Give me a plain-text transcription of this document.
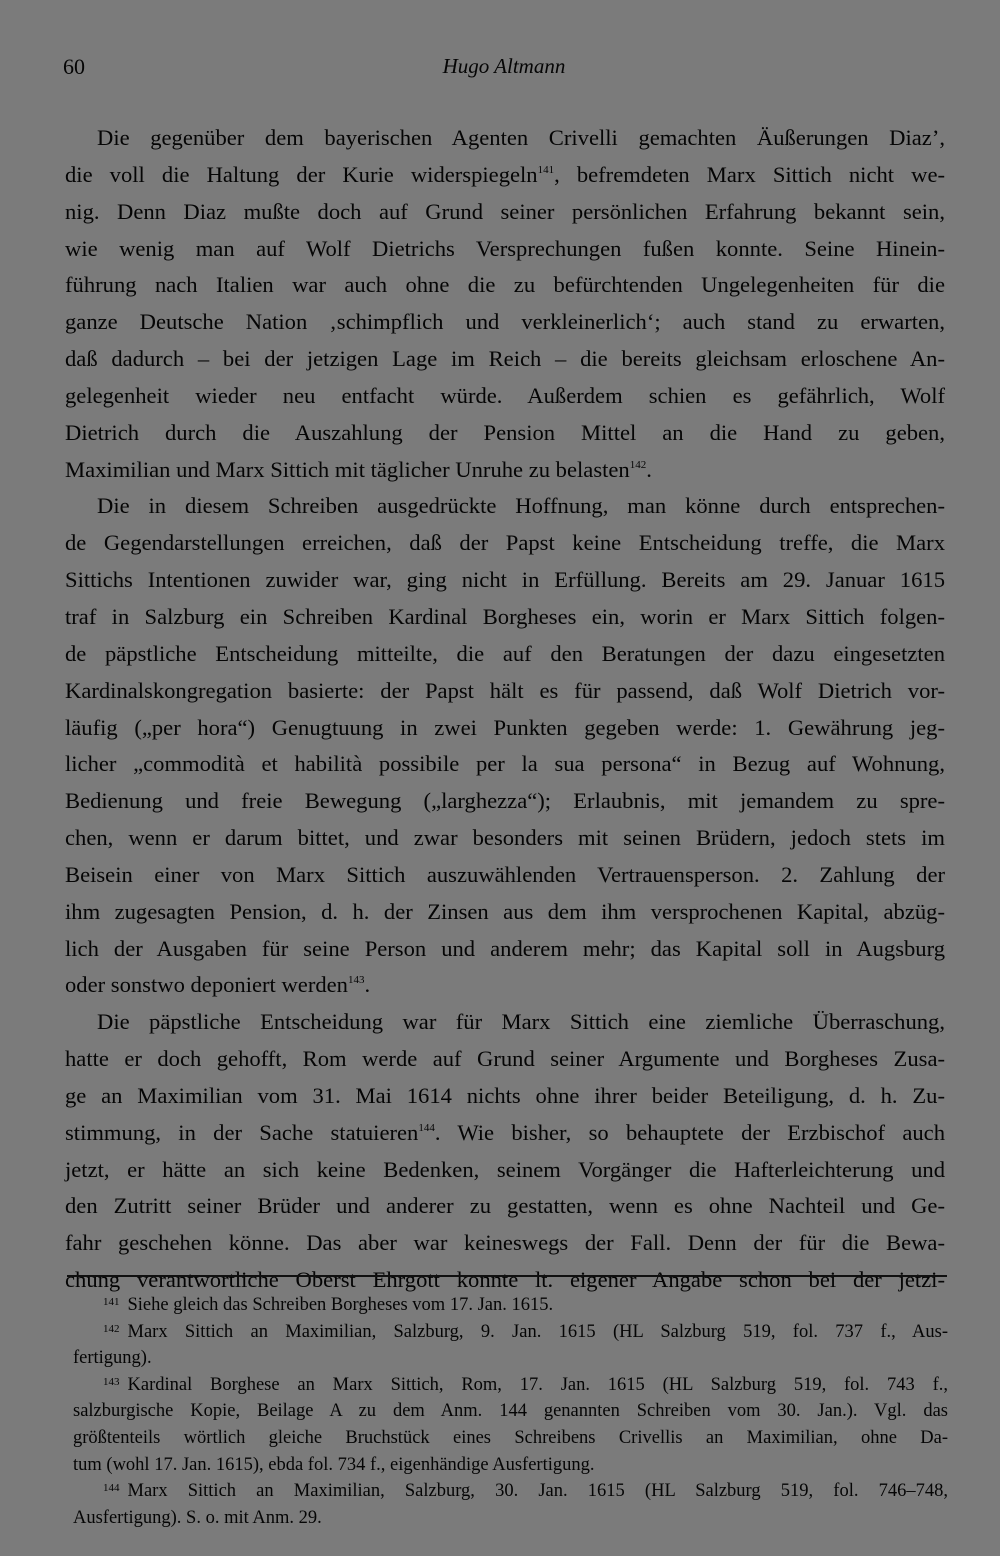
60	Hugo Altmann
Die gegenüber dem bayerischen Agenten Crivelli gemachten Äußerungen Diaz’,
die voll die Haltung der Kurie widerspiegeln$^{141}$, befremdeten Marx Sittich nicht we-
nig. Denn Diaz mußte doch auf Grund seiner persönlichen Erfahrung bekannt sein,
wie wenig man auf Wolf Dietrichs Versprechungen fußen konnte. Seine Hinein-
führung nach Italien war auch ohne die zu befürchtenden Ungelegenheiten für die
ganze Deutsche Nation ‚schimpflich und verkleinerlich‘; auch stand zu erwarten,
daß dadurch – bei der jetzigen Lage im Reich – die bereits gleichsam erloschene An-
gelegenheit wieder neu entfacht würde. Außerdem schien es gefährlich, Wolf
Dietrich durch die Auszahlung der Pension Mittel an die Hand zu geben,
Maximilian und Marx Sittich mit täglicher Unruhe zu belasten$^{142}$.
Die in diesem Schreiben ausgedrückte Hoffnung, man könne durch entsprechen-
de Gegendarstellungen erreichen, daß der Papst keine Entscheidung treffe, die Marx
Sittichs Intentionen zuwider war, ging nicht in Erfüllung. Bereits am 29. Januar 1615
traf in Salzburg ein Schreiben Kardinal Borgheses ein, worin er Marx Sittich folgen-
de päpstliche Entscheidung mitteilte, die auf den Beratungen der dazu eingesetzten
Kardinalskongregation basierte: der Papst hält es für passend, daß Wolf Dietrich vor-
läufig („per hora“) Genugtuung in zwei Punkten gegeben werde: 1. Gewährung jeg-
licher „commodità et habilità possibile per la sua persona“ in Bezug auf Wohnung,
Bedienung und freie Bewegung („larghezza“); Erlaubnis, mit jemandem zu spre-
chen, wenn er darum bittet, und zwar besonders mit seinen Brüdern, jedoch stets im
Beisein einer von Marx Sittich auszuwählenden Vertrauensperson. 2. Zahlung der
ihm zugesagten Pension, d. h. der Zinsen aus dem ihm versprochenen Kapital, abzüg-
lich der Ausgaben für seine Person und anderem mehr; das Kapital soll in Augsburg
oder sonstwo deponiert werden$^{143}$.
Die päpstliche Entscheidung war für Marx Sittich eine ziemliche Überraschung,
hatte er doch gehofft, Rom werde auf Grund seiner Argumente und Borgheses Zusa-
ge an Maximilian vom 31. Mai 1614 nichts ohne ihrer beider Beteiligung, d. h. Zu-
stimmung, in der Sache statuieren$^{144}$. Wie bisher, so behauptete der Erzbischof auch
jetzt, er hätte an sich keine Bedenken, seinem Vorgänger die Hafterleichterung und
den Zutritt seiner Brüder und anderer zu gestatten, wenn es ohne Nachteil und Ge-
fahr geschehen könne. Das aber war keineswegs der Fall. Denn der für die Bewa-
chung verantwortliche Oberst Ehrgott konnte lt. eigener Angabe schon bei der jetzi-
$^{141}$ Siehe gleich das Schreiben Borgheses vom 17. Jan. 1615.
$^{142}$ Marx Sittich an Maximilian, Salzburg, 9. Jan. 1615 (HL Salzburg 519, fol. 737 f., Aus-
fertigung).
$^{143}$ Kardinal Borghese an Marx Sittich, Rom, 17. Jan. 1615 (HL Salzburg 519, fol. 743 f.,
salzburgische Kopie, Beilage A zu dem Anm. 144 genannten Schreiben vom 30. Jan.). Vgl. das
größtenteils wörtlich gleiche Bruchstück eines Schreibens Crivellis an Maximilian, ohne Da-
tum (wohl 17. Jan. 1615), ebda fol. 734 f., eigenhändige Ausfertigung.
$^{144}$ Marx Sittich an Maximilian, Salzburg, 30. Jan. 1615 (HL Salzburg 519, fol. 746–748,
Ausfertigung). S. o. mit Anm. 29.
